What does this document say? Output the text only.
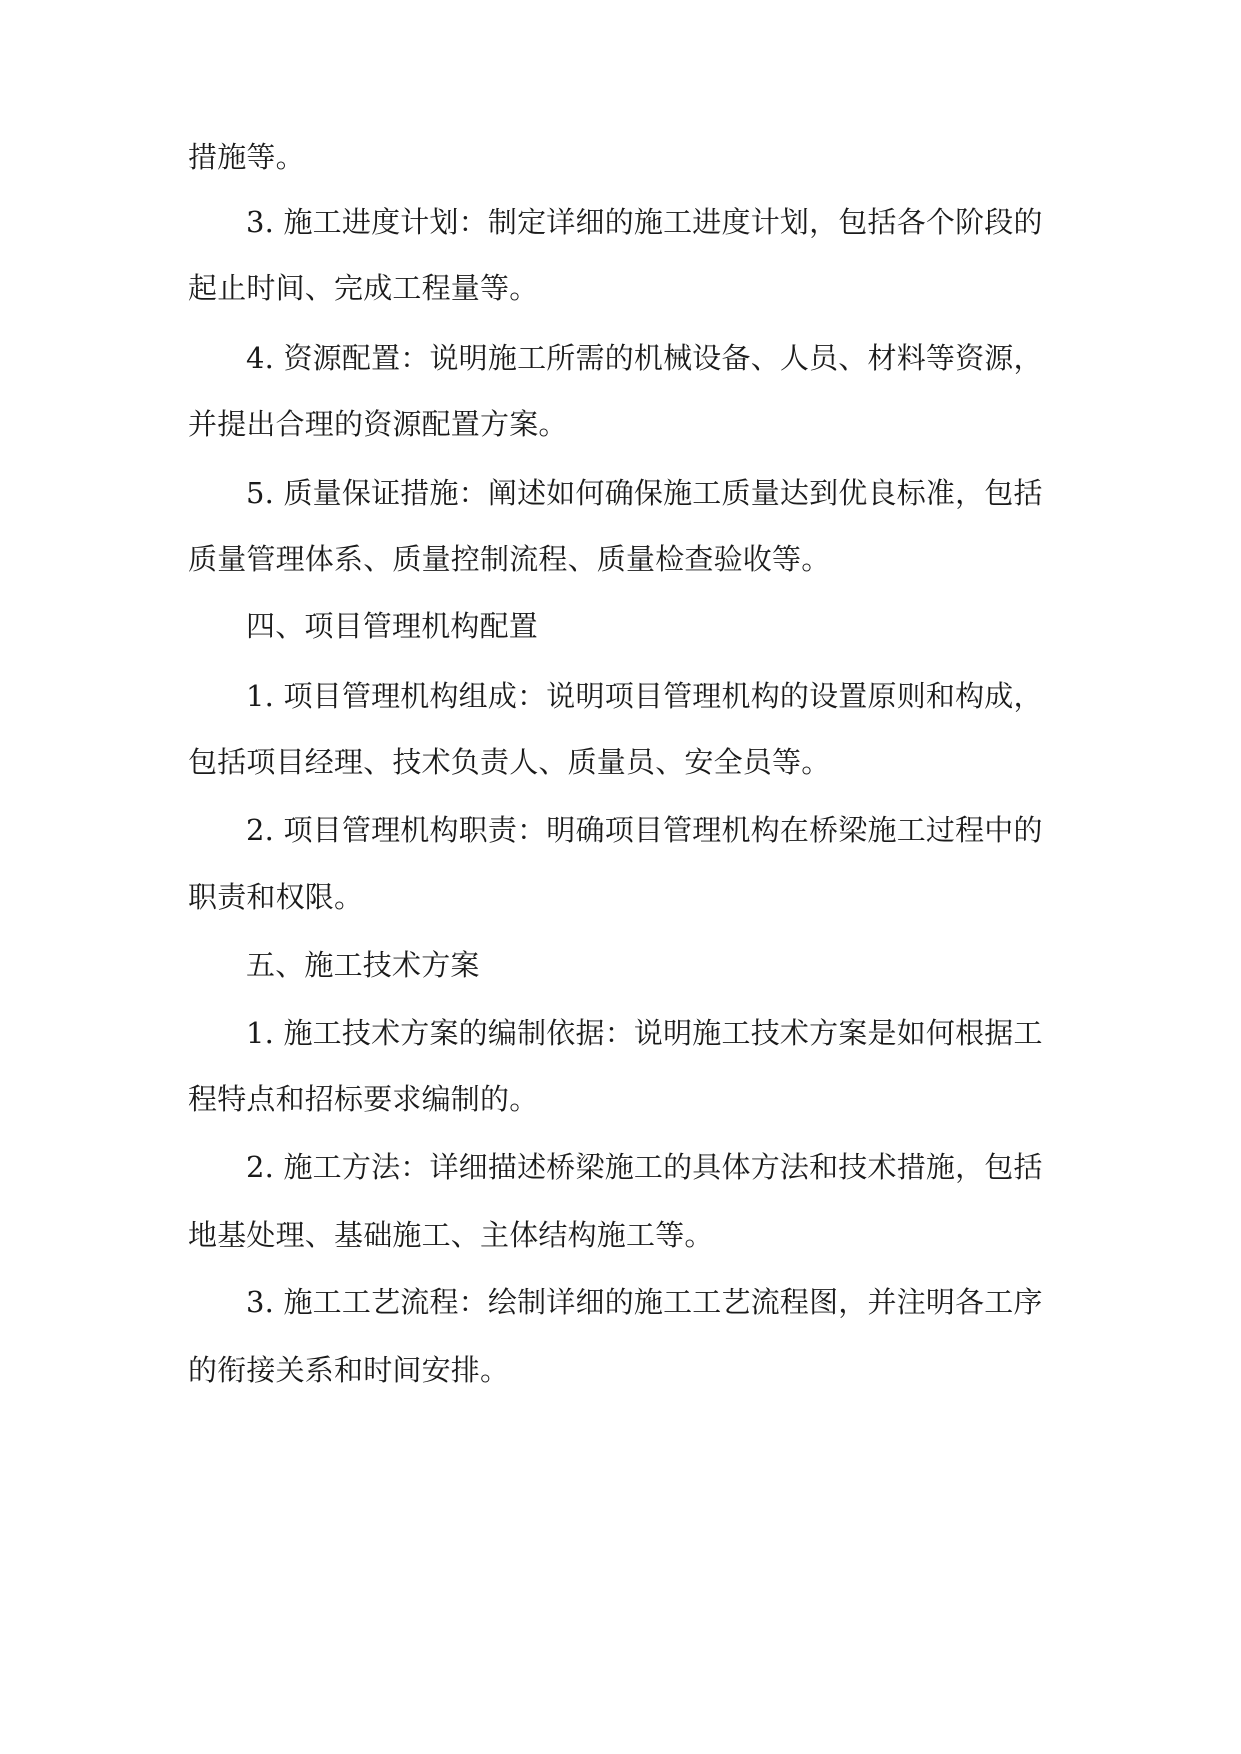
措施等。
3. 施工进度计划：制定详细的施工进度计划，包括各个阶段的
起止时间、完成工程量等。
4. 资源配置：说明施工所需的机械设备、人员、材料等资源，
并提出合理的资源配置方案。
5. 质量保证措施：阐述如何确保施工质量达到优良标准，包括
质量管理体系、质量控制流程、质量检查验收等。
四、项目管理机构配置
1. 项目管理机构组成：说明项目管理机构的设置原则和构成，
包括项目经理、技术负责人、质量员、安全员等。
2. 项目管理机构职责：明确项目管理机构在桥梁施工过程中的
职责和权限。
五、施工技术方案
1. 施工技术方案的编制依据：说明施工技术方案是如何根据工
程特点和招标要求编制的。
2. 施工方法：详细描述桥梁施工的具体方法和技术措施，包括
地基处理、基础施工、主体结构施工等。
3. 施工工艺流程：绘制详细的施工工艺流程图，并注明各工序
的衔接关系和时间安排。
